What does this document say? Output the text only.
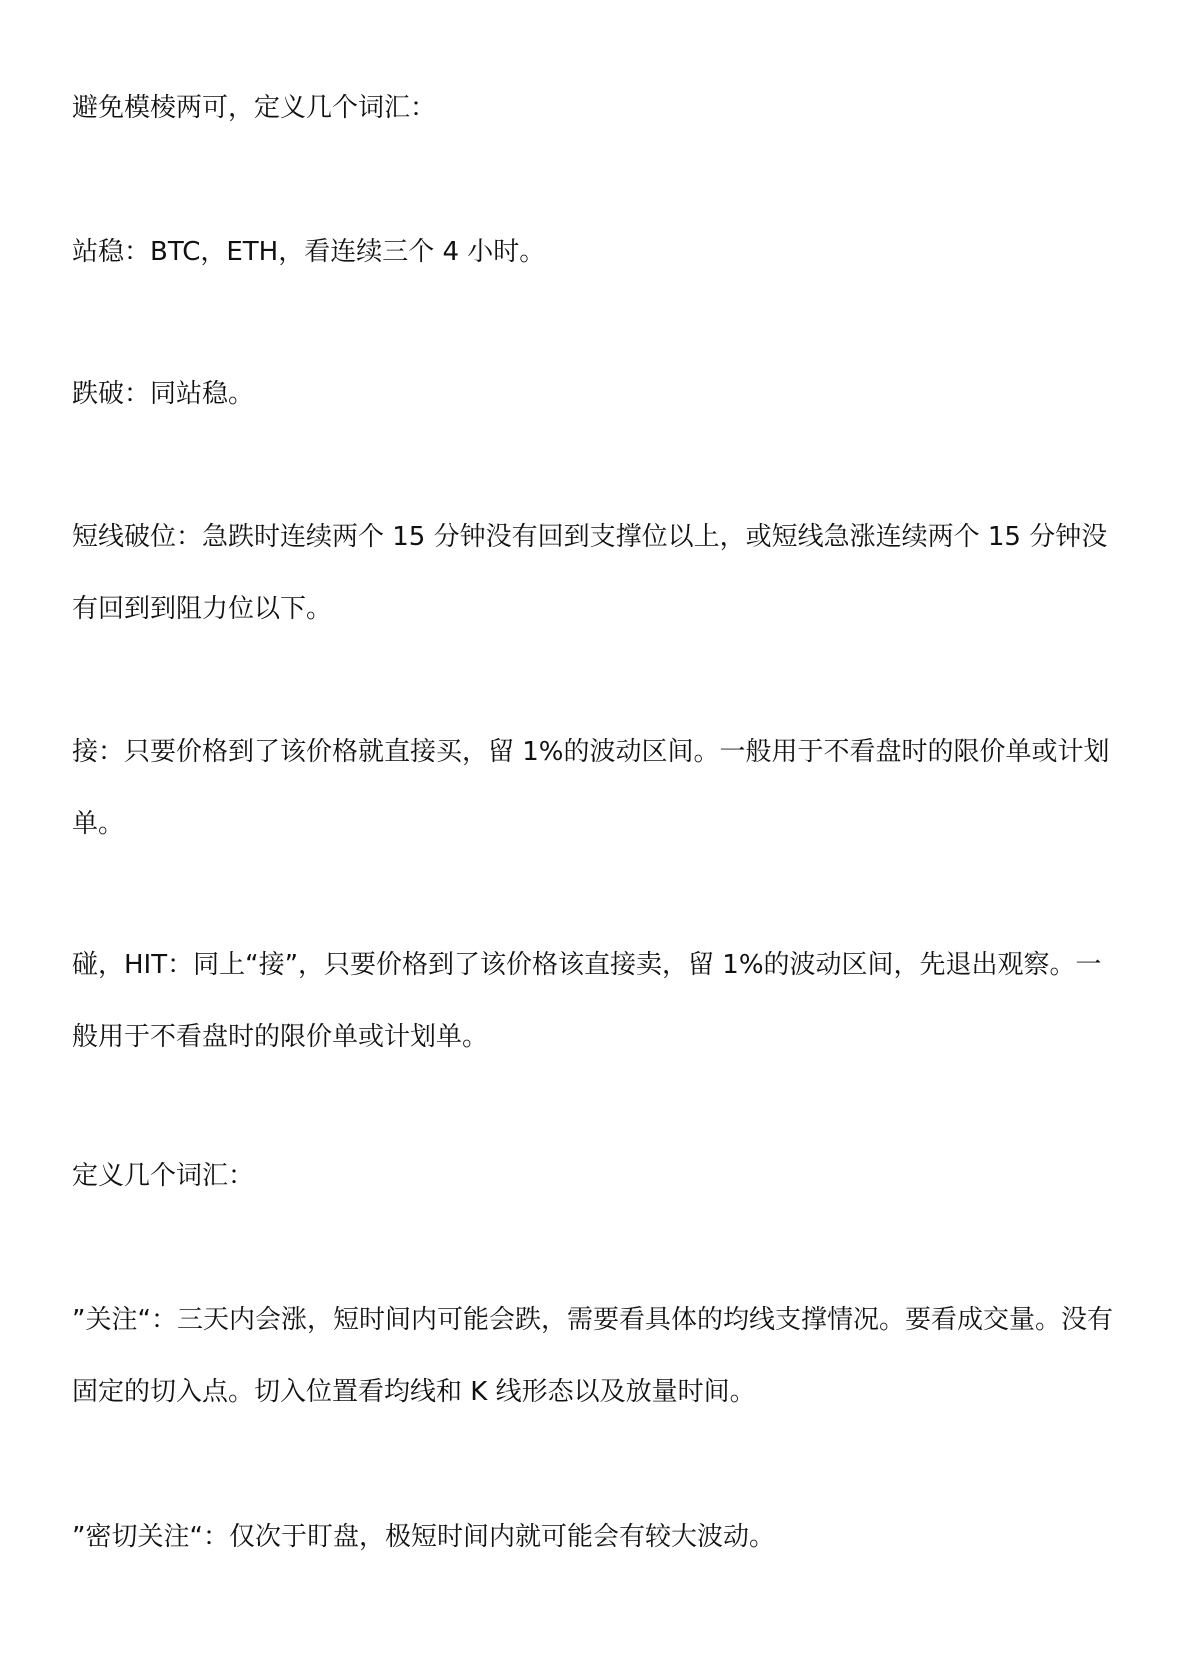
避免模棱两可，定义几个词汇：

站稳：BTC，ETH，看连续三个 4 小时。

跌破：同站稳。

短线破位：急跌时连续两个 15 分钟没有回到支撑位以上，或短线急涨连续两个 15 分钟没有回到到阻力位以下。

接：只要价格到了该价格就直接买，留 1%的波动区间。一般用于不看盘时的限价单或计划单。

碰，HIT：同上“接”，只要价格到了该价格该直接卖，留 1%的波动区间，先退出观察。一般用于不看盘时的限价单或计划单。

定义几个词汇：

”关注“：三天内会涨，短时间内可能会跌，需要看具体的均线支撑情况。要看成交量。没有固定的切入点。切入位置看均线和 K 线形态以及放量时间。

”密切关注“：仅次于盯盘，极短时间内就可能会有较大波动。
